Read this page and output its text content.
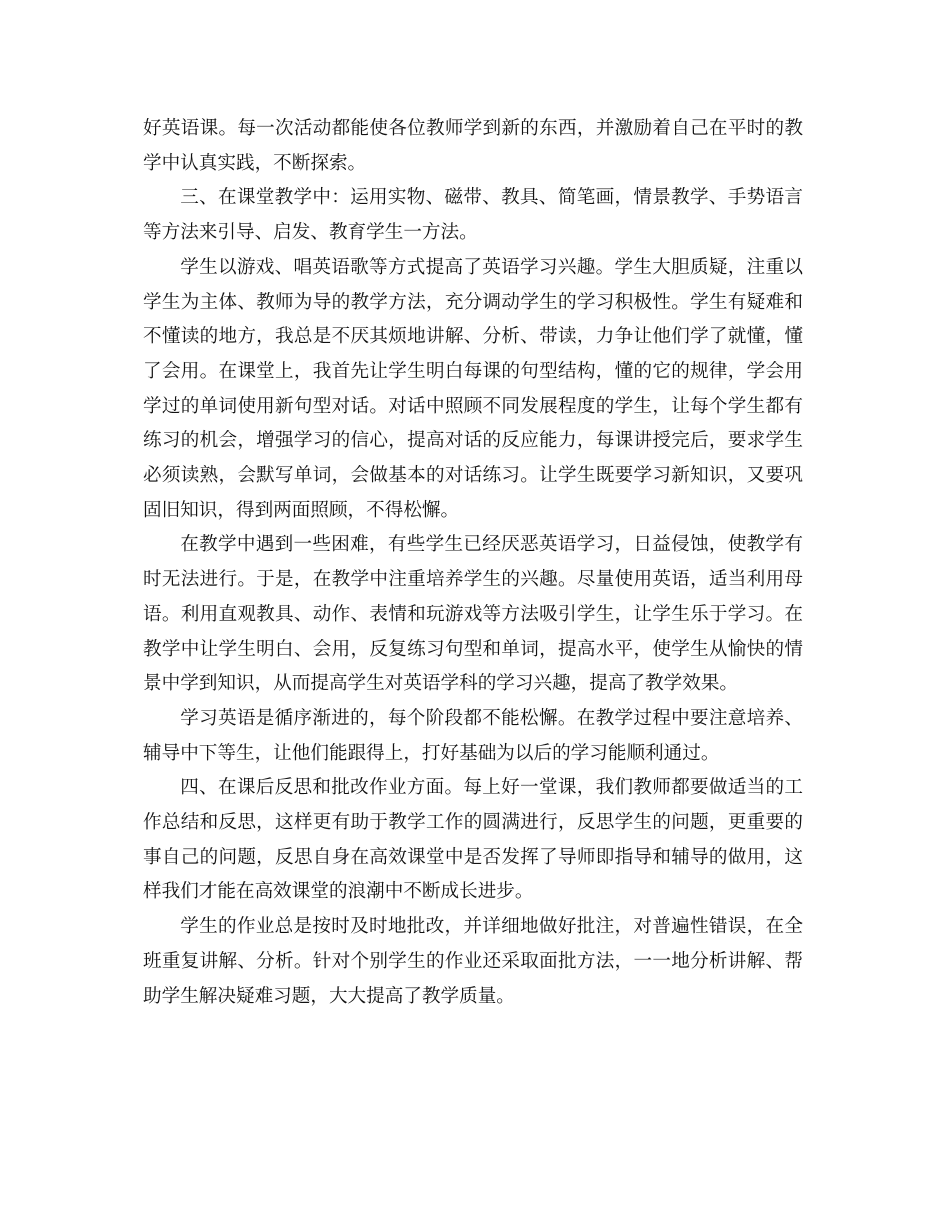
好英语课。每一次活动都能使各位教师学到新的东西，并激励着自己在平时的教学中认真实践，不断探索。

三、在课堂教学中：运用实物、磁带、教具、简笔画，情景教学、手势语言等方法来引导、启发、教育学生一方法。

学生以游戏、唱英语歌等方式提高了英语学习兴趣。学生大胆质疑，注重以学生为主体、教师为导的教学方法，充分调动学生的学习积极性。学生有疑难和不懂读的地方，我总是不厌其烦地讲解、分析、带读，力争让他们学了就懂，懂了会用。在课堂上，我首先让学生明白每课的句型结构，懂的它的规律，学会用学过的单词使用新句型对话。对话中照顾不同发展程度的学生，让每个学生都有练习的机会，增强学习的信心，提高对话的反应能力，每课讲授完后，要求学生必须读熟，会默写单词，会做基本的对话练习。让学生既要学习新知识，又要巩固旧知识，得到两面照顾，不得松懈。

在教学中遇到一些困难，有些学生已经厌恶英语学习，日益侵蚀，使教学有时无法进行。于是，在教学中注重培养学生的兴趣。尽量使用英语，适当利用母语。利用直观教具、动作、表情和玩游戏等方法吸引学生，让学生乐于学习。在教学中让学生明白、会用，反复练习句型和单词，提高水平，使学生从愉快的情景中学到知识，从而提高学生对英语学科的学习兴趣，提高了教学效果。

学习英语是循序渐进的，每个阶段都不能松懈。在教学过程中要注意培养、辅导中下等生，让他们能跟得上，打好基础为以后的学习能顺利通过。

四、在课后反思和批改作业方面。每上好一堂课，我们教师都要做适当的工作总结和反思，这样更有助于教学工作的圆满进行，反思学生的问题，更重要的事自己的问题，反思自身在高效课堂中是否发挥了导师即指导和辅导的做用，这样我们才能在高效课堂的浪潮中不断成长进步。

学生的作业总是按时及时地批改，并详细地做好批注，对普遍性错误，在全班重复讲解、分析。针对个别学生的作业还采取面批方法，一一地分析讲解、帮助学生解决疑难习题，大大提高了教学质量。
